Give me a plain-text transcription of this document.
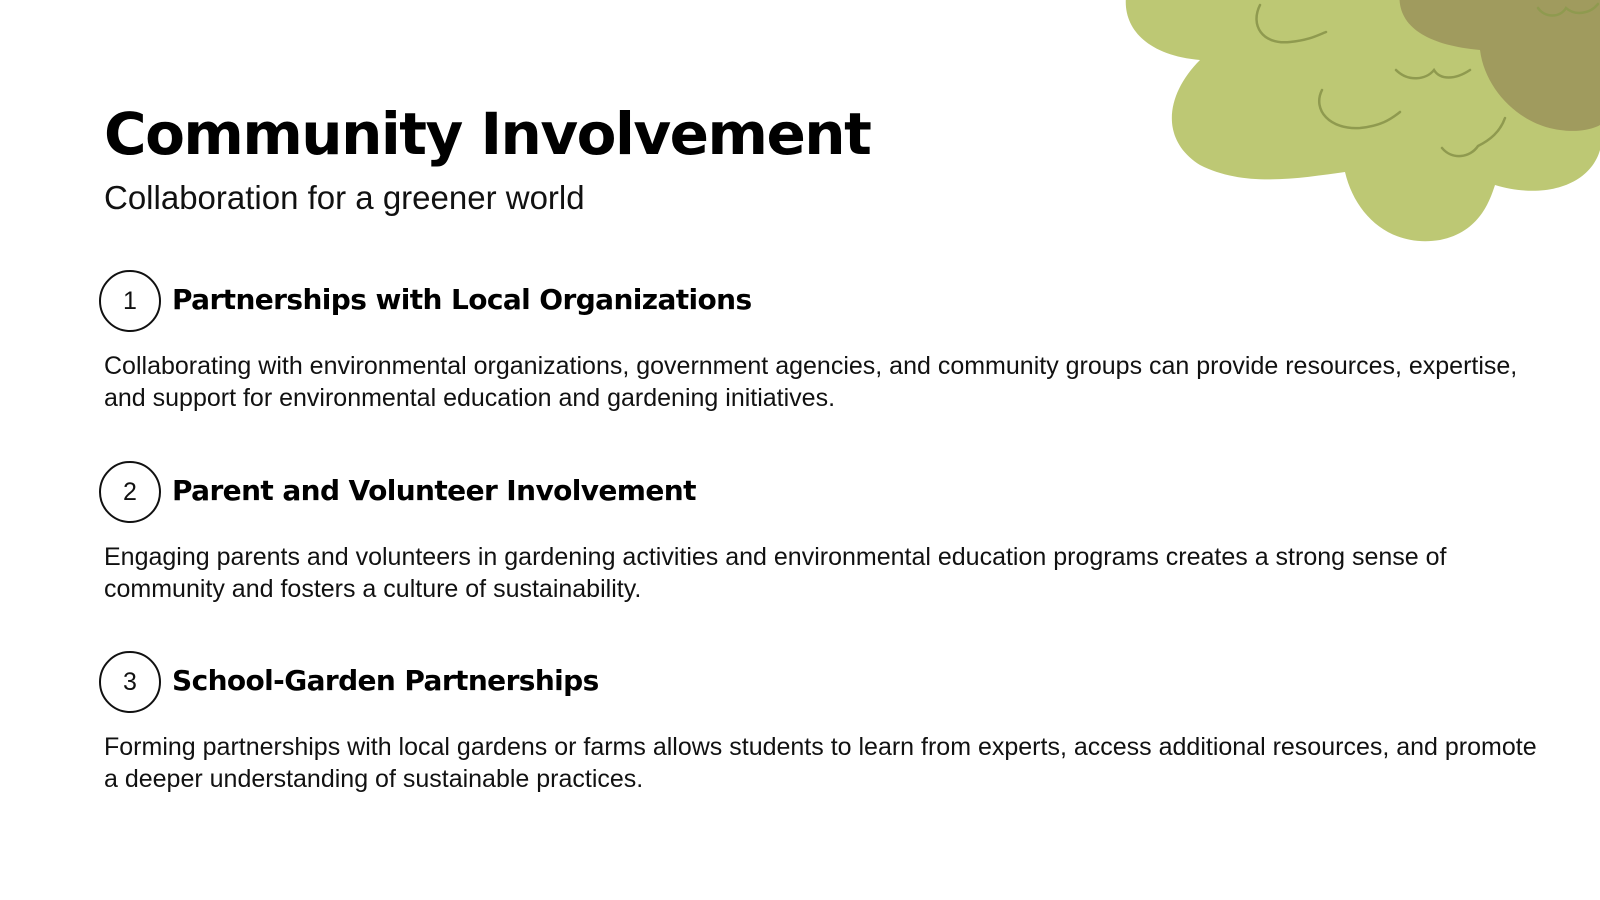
Community Involvement

Collaboration for a greener world

1	Partnerships with Local Organizations

Collaborating with environmental organizations, government agencies, and community groups can provide resources, expertise, and support for environmental education and gardening initiatives.

2	Parent and Volunteer Involvement

Engaging parents and volunteers in gardening activities and environmental education programs creates a strong sense of community and fosters a culture of sustainability.

3	School-Garden Partnerships

Forming partnerships with local gardens or farms allows students to learn from experts, access additional resources, and promote a deeper understanding of sustainable practices.
